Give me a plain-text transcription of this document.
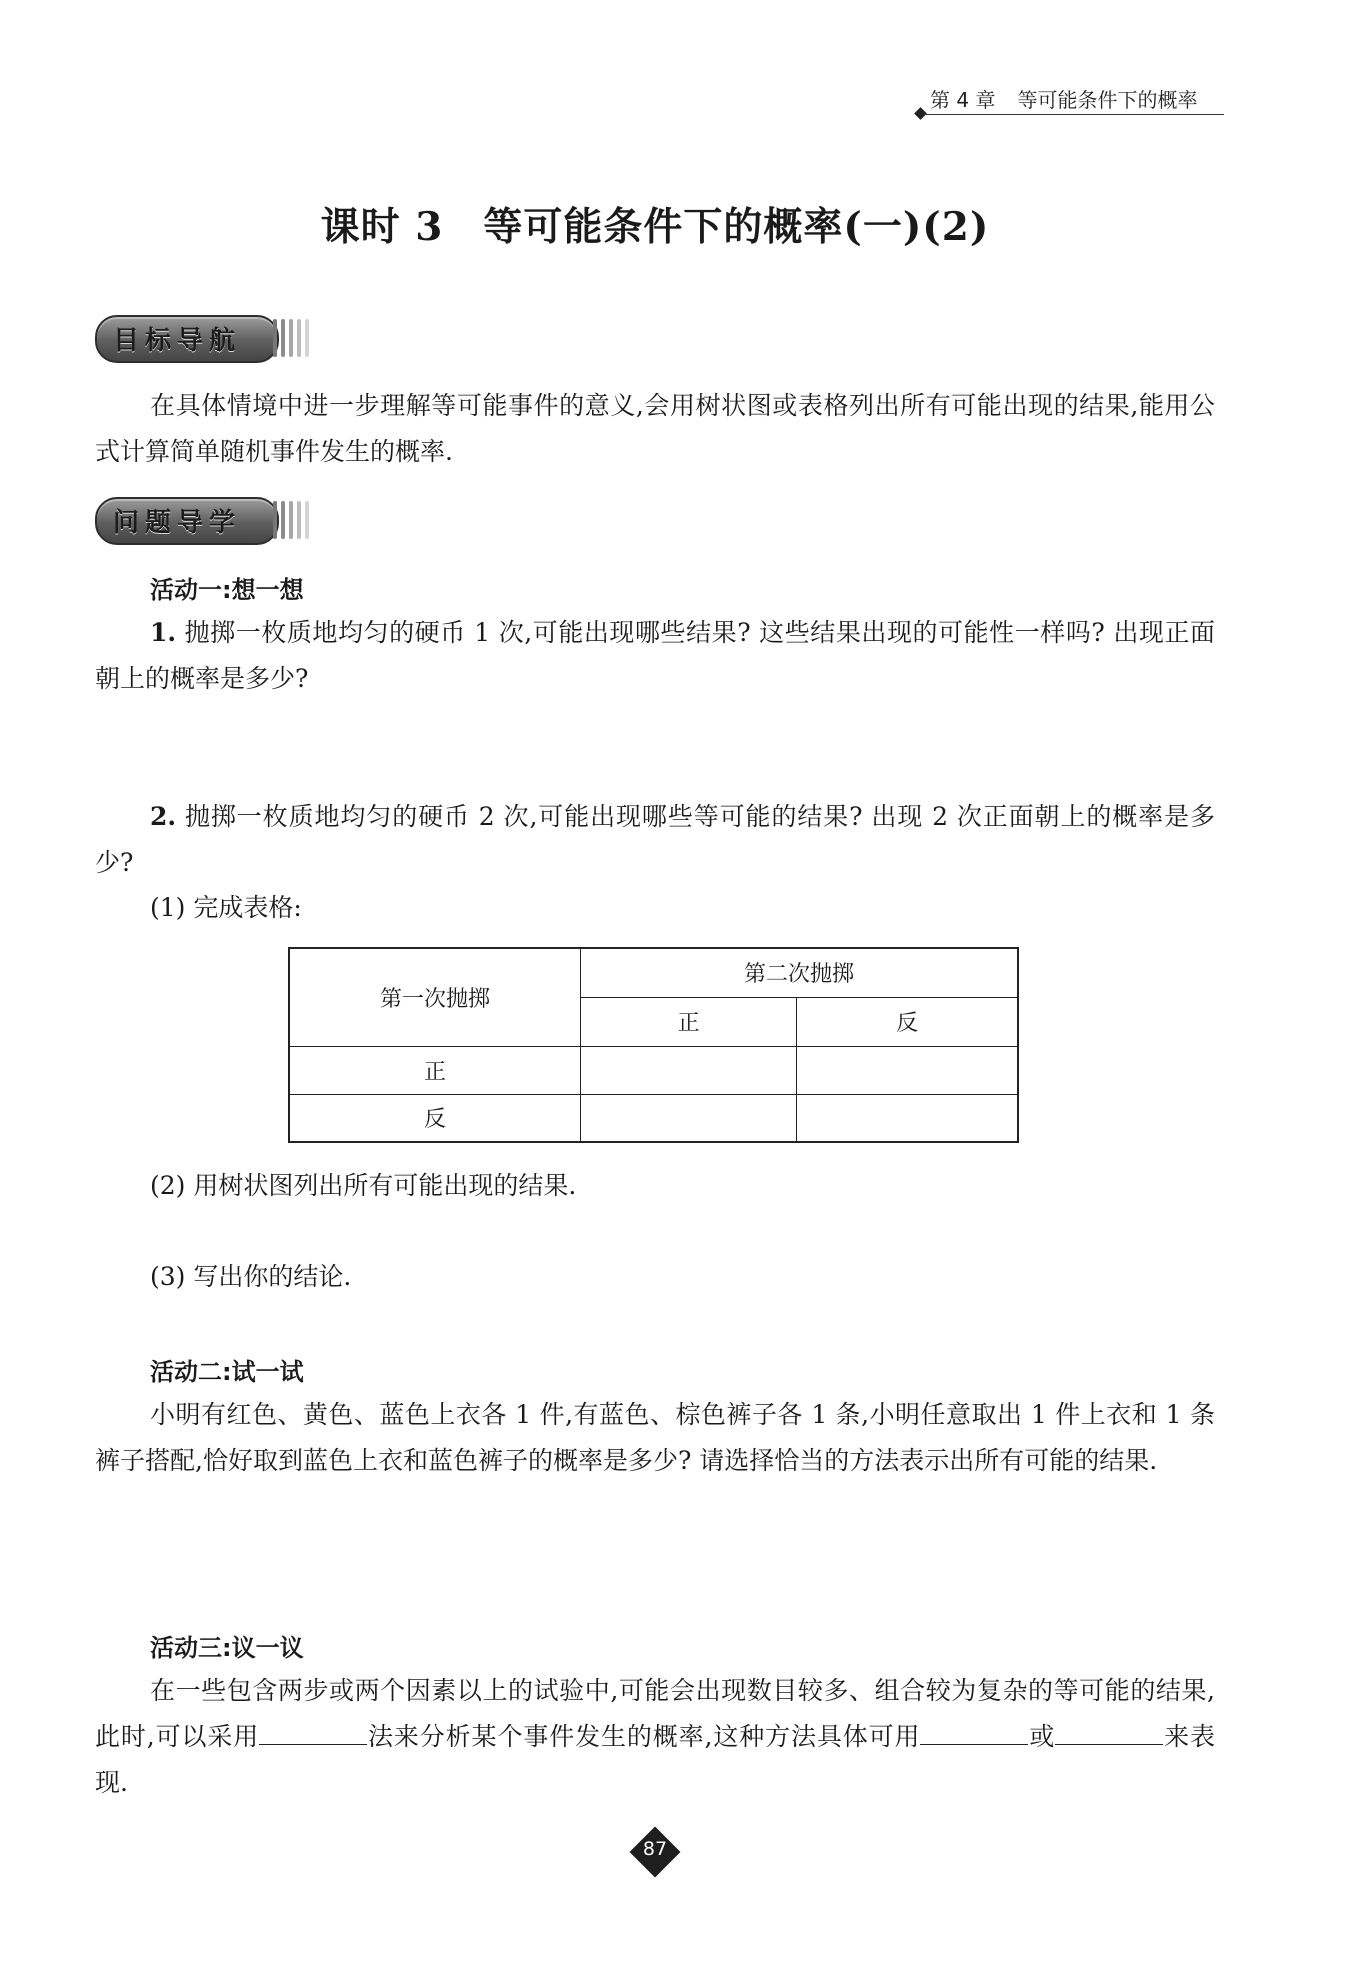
第 4 章 等可能条件下的概率
课时 3　等可能条件下的概率(一)(2)
目标导航
在具体情境中进一步理解等可能事件的意义,会用树状图或表格列出所有可能出现的结果,能用公式计算简单随机事件发生的概率.
问题导学
活动一:想一想
1. 抛掷一枚质地均匀的硬币 1 次,可能出现哪些结果? 这些结果出现的可能性一样吗? 出现正面朝上的概率是多少?
2. 抛掷一枚质地均匀的硬币 2 次,可能出现哪些等可能的结果? 出现 2 次正面朝上的概率是多少?
(1) 完成表格:
第一次抛掷	第二次抛掷	
	正	反
正		
反		
(2) 用树状图列出所有可能出现的结果.
(3) 写出你的结论.
活动二:试一试
小明有红色、黄色、蓝色上衣各 1 件,有蓝色、棕色裤子各 1 条,小明任意取出 1 件上衣和 1 条裤子搭配,恰好取到蓝色上衣和蓝色裤子的概率是多少? 请选择恰当的方法表示出所有可能的结果.
活动三:议一议
在一些包含两步或两个因素以上的试验中,可能会出现数目较多、组合较为复杂的等可能的结果,此时,可以采用	法来分析某个事件发生的概率,这种方法具体可用	或	来表现.
87
